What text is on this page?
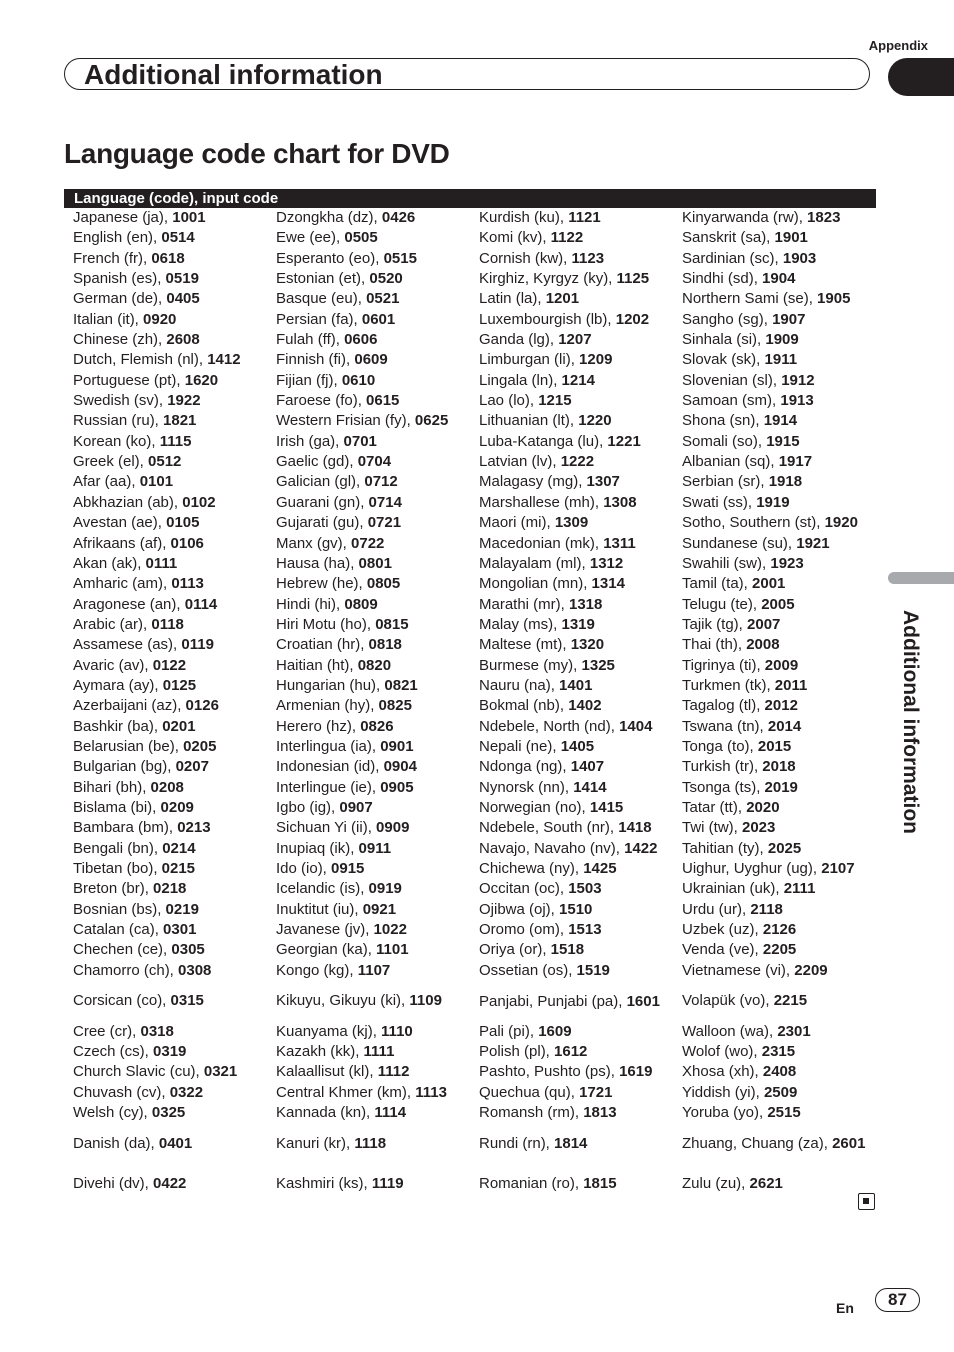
Appendix
Additional information
Language code chart for DVD
Language (code), input code
Japanese (ja), 1001
English (en), 0514
French (fr), 0618
Spanish (es), 0519
German (de), 0405
Italian (it), 0920
Chinese (zh), 2608
Dutch, Flemish (nl), 1412
Portuguese (pt), 1620
Swedish (sv), 1922
Russian (ru), 1821
Korean (ko), 1115
Greek (el), 0512
Afar (aa), 0101
Abkhazian (ab), 0102
Avestan (ae), 0105
Afrikaans (af), 0106
Akan (ak), 0111
Amharic (am), 0113
Aragonese (an), 0114
Arabic (ar), 0118
Assamese (as), 0119
Avaric (av), 0122
Aymara (ay), 0125
Azerbaijani (az), 0126
Bashkir (ba), 0201
Belarusian (be), 0205
Bulgarian (bg), 0207
Bihari (bh), 0208
Bislama (bi), 0209
Bambara (bm), 0213
Bengali (bn), 0214
Tibetan (bo), 0215
Breton (br), 0218
Bosnian (bs), 0219
Catalan (ca), 0301
Chechen (ce), 0305
Chamorro (ch), 0308
Corsican (co), 0315
Cree (cr), 0318
Czech (cs), 0319
Church Slavic (cu), 0321
Chuvash (cv), 0322
Welsh (cy), 0325
Danish (da), 0401
Divehi (dv), 0422
Dzongkha (dz), 0426
Ewe (ee), 0505
Esperanto (eo), 0515
Estonian (et), 0520
Basque (eu), 0521
Persian (fa), 0601
Fulah (ff), 0606
Finnish (fi), 0609
Fijian (fj), 0610
Faroese (fo), 0615
Western Frisian (fy), 0625
Irish (ga), 0701
Gaelic (gd), 0704
Galician (gl), 0712
Guarani (gn), 0714
Gujarati (gu), 0721
Manx (gv), 0722
Hausa (ha), 0801
Hebrew (he), 0805
Hindi (hi), 0809
Hiri Motu (ho), 0815
Croatian (hr), 0818
Haitian (ht), 0820
Hungarian (hu), 0821
Armenian (hy), 0825
Herero (hz), 0826
Interlingua (ia), 0901
Indonesian (id), 0904
Interlingue (ie), 0905
Igbo (ig), 0907
Sichuan Yi (ii), 0909
Inupiaq (ik), 0911
Ido (io), 0915
Icelandic (is), 0919
Inuktitut (iu), 0921
Javanese (jv), 1022
Georgian (ka), 1101
Kongo (kg), 1107
Kikuyu, Gikuyu (ki), 1109
Kuanyama (kj), 1110
Kazakh (kk), 1111
Kalaallisut (kl), 1112
Central Khmer (km), 1113
Kannada (kn), 1114
Kanuri (kr), 1118
Kashmiri (ks), 1119
Kurdish (ku), 1121
Komi (kv), 1122
Cornish (kw), 1123
Kirghiz, Kyrgyz (ky), 1125
Latin (la), 1201
Luxembourgish (lb), 1202
Ganda (lg), 1207
Limburgan (li), 1209
Lingala (ln), 1214
Lao (lo), 1215
Lithuanian (lt), 1220
Luba-Katanga (lu), 1221
Latvian (lv), 1222
Malagasy (mg), 1307
Marshallese (mh), 1308
Maori (mi), 1309
Macedonian (mk), 1311
Malayalam (ml), 1312
Mongolian (mn), 1314
Marathi (mr), 1318
Malay (ms), 1319
Maltese (mt), 1320
Burmese (my), 1325
Nauru (na), 1401
Bokmal (nb), 1402
Ndebele, North (nd), 1404
Nepali (ne), 1405
Ndonga (ng), 1407
Nynorsk (nn), 1414
Norwegian (no), 1415
Ndebele, South (nr), 1418
Navajo, Navaho (nv), 1422
Chichewa (ny), 1425
Occitan (oc), 1503
Ojibwa (oj), 1510
Oromo (om), 1513
Oriya (or), 1518
Ossetian (os), 1519
Panjabi, Punjabi (pa), 1601
Pali (pi), 1609
Polish (pl), 1612
Pashto, Pushto (ps), 1619
Quechua (qu), 1721
Romansh (rm), 1813
Rundi (rn), 1814
Romanian (ro), 1815
Kinyarwanda (rw), 1823
Sanskrit (sa), 1901
Sardinian (sc), 1903
Sindhi (sd), 1904
Northern Sami (se), 1905
Sangho (sg), 1907
Sinhala (si), 1909
Slovak (sk), 1911
Slovenian (sl), 1912
Samoan (sm), 1913
Shona (sn), 1914
Somali (so), 1915
Albanian (sq), 1917
Serbian (sr), 1918
Swati (ss), 1919
Sotho, Southern (st), 1920
Sundanese (su), 1921
Swahili (sw), 1923
Tamil (ta), 2001
Telugu (te), 2005
Tajik (tg), 2007
Thai (th), 2008
Tigrinya (ti), 2009
Turkmen (tk), 2011
Tagalog (tl), 2012
Tswana (tn), 2014
Tonga (to), 2015
Turkish (tr), 2018
Tsonga (ts), 2019
Tatar (tt), 2020
Twi (tw), 2023
Tahitian (ty), 2025
Uighur, Uyghur (ug), 2107
Ukrainian (uk), 2111
Urdu (ur), 2118
Uzbek (uz), 2126
Venda (ve), 2205
Vietnamese (vi), 2209
Volapük (vo), 2215
Walloon (wa), 2301
Wolof (wo), 2315
Xhosa (xh), 2408
Yiddish (yi), 2509
Yoruba (yo), 2515
Zhuang, Chuang (za), 2601
Zulu (zu), 2621
Additional information
En	87
